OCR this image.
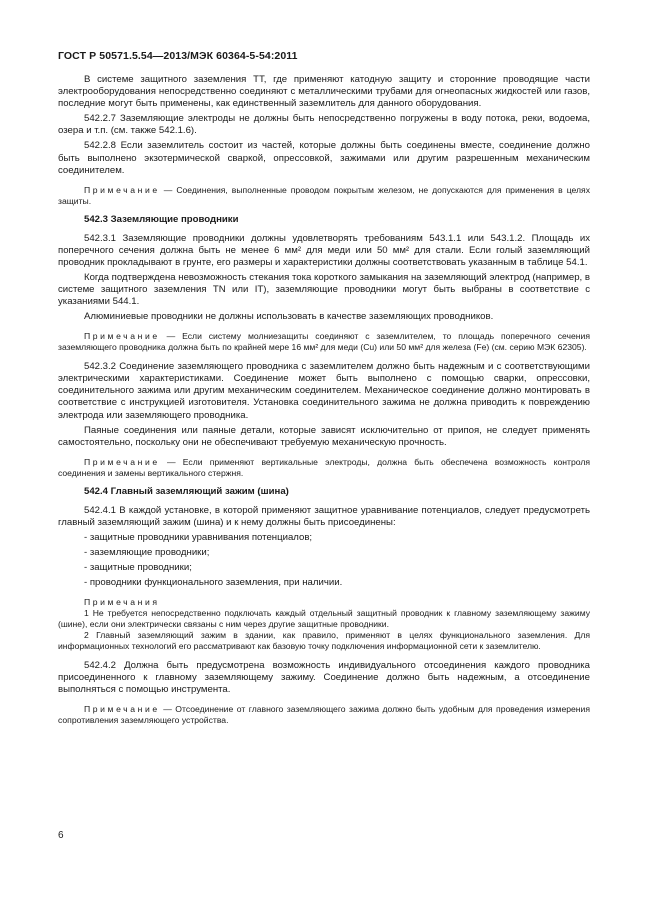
ГОСТ Р 50571.5.54—2013/МЭК 60364-5-54:2011

В системе защитного заземления ТТ, где применяют катодную защиту и сторонние проводящие части электрооборудования непосредственно соединяют с металлическими трубами для огнеопасных жидкостей или газов, последние могут быть применены, как единственный заземлитель для данного оборудования.

542.2.7 Заземляющие электроды не должны быть непосредственно погружены в воду потока, реки, водоема, озера и т.п. (см. также 542.1.6).

542.2.8 Если заземлитель состоит из частей, которые должны быть соединены вместе, соединение должно быть выполнено экзотермической сваркой, опрессовкой, зажимами или другим разрешенным механическим соединителем.

Примечание — Соединения, выполненные проводом покрытым железом, не допускаются для применения в целях защиты.

542.3 Заземляющие проводники

542.3.1 Заземляющие проводники должны удовлетворять требованиям 543.1.1 или 543.1.2. Площадь их поперечного сечения должна быть не менее 6 мм² для меди или 50 мм² для стали. Если голый заземляющий проводник прокладывают в грунте, его размеры и характеристики должны соответствовать указанным в таблице 54.1.

Когда подтверждена невозможность стекания тока короткого замыкания на заземляющий электрод (например, в системе защитного заземления TN или IT), заземляющие проводники могут быть выбраны в соответствие с указаниями 544.1.

Алюминиевые проводники не должны использовать в качестве заземляющих проводников.

Примечание — Если систему молниезащиты соединяют с заземлителем, то площадь поперечного сечения заземляющего проводника должна быть по крайней мере 16 мм² для меди (Cu) или 50 мм² для железа (Fe) (см. серию МЭК 62305).

542.3.2 Соединение заземляющего проводника с заземлителем должно быть надежным и с соответствующими электрическими характеристиками. Соединение может быть выполнено с помощью сварки, опрессовки, соединительного зажима или другим механическим соединителем. Механическое соединение должно монтировать в соответствие с инструкцией изготовителя. Установка соединительного зажима не должна приводить к повреждению электрода или заземляющего проводника.

Паяные соединения или паяные детали, которые зависят исключительно от припоя, не следует применять самостоятельно, поскольку они не обеспечивают требуемую механическую прочность.

Примечание — Если применяют вертикальные электроды, должна быть обеспечена возможность контроля соединения и замены вертикального стержня.

542.4 Главный заземляющий зажим (шина)

542.4.1 В каждой установке, в которой применяют защитное уравнивание потенциалов, следует предусмотреть главный заземляющий зажим (шина) и к нему должны быть присоединены:

- защитные проводники уравнивания потенциалов;
- заземляющие проводники;
- защитные проводники;
- проводники функционального заземления, при наличии.

Примечания

1 Не требуется непосредственно подключать каждый отдельный защитный проводник к главному заземляющему зажиму (шине), если они электрически связаны с ним через другие защитные проводники.

2 Главный заземляющий зажим в здании, как правило, применяют в целях функционального заземления. Для информационных технологий его рассматривают как базовую точку подключения информационной сети к заземлителю.

542.4.2 Должна быть предусмотрена возможность индивидуального отсоединения каждого проводника присоединенного к главному заземляющему зажиму. Соединение должно быть надежным, а отсоединение выполняться с помощью инструмента.

Примечание — Отсоединение от главного заземляющего зажима должно быть удобным для проведения измерения сопротивления заземляющего устройства.

6
